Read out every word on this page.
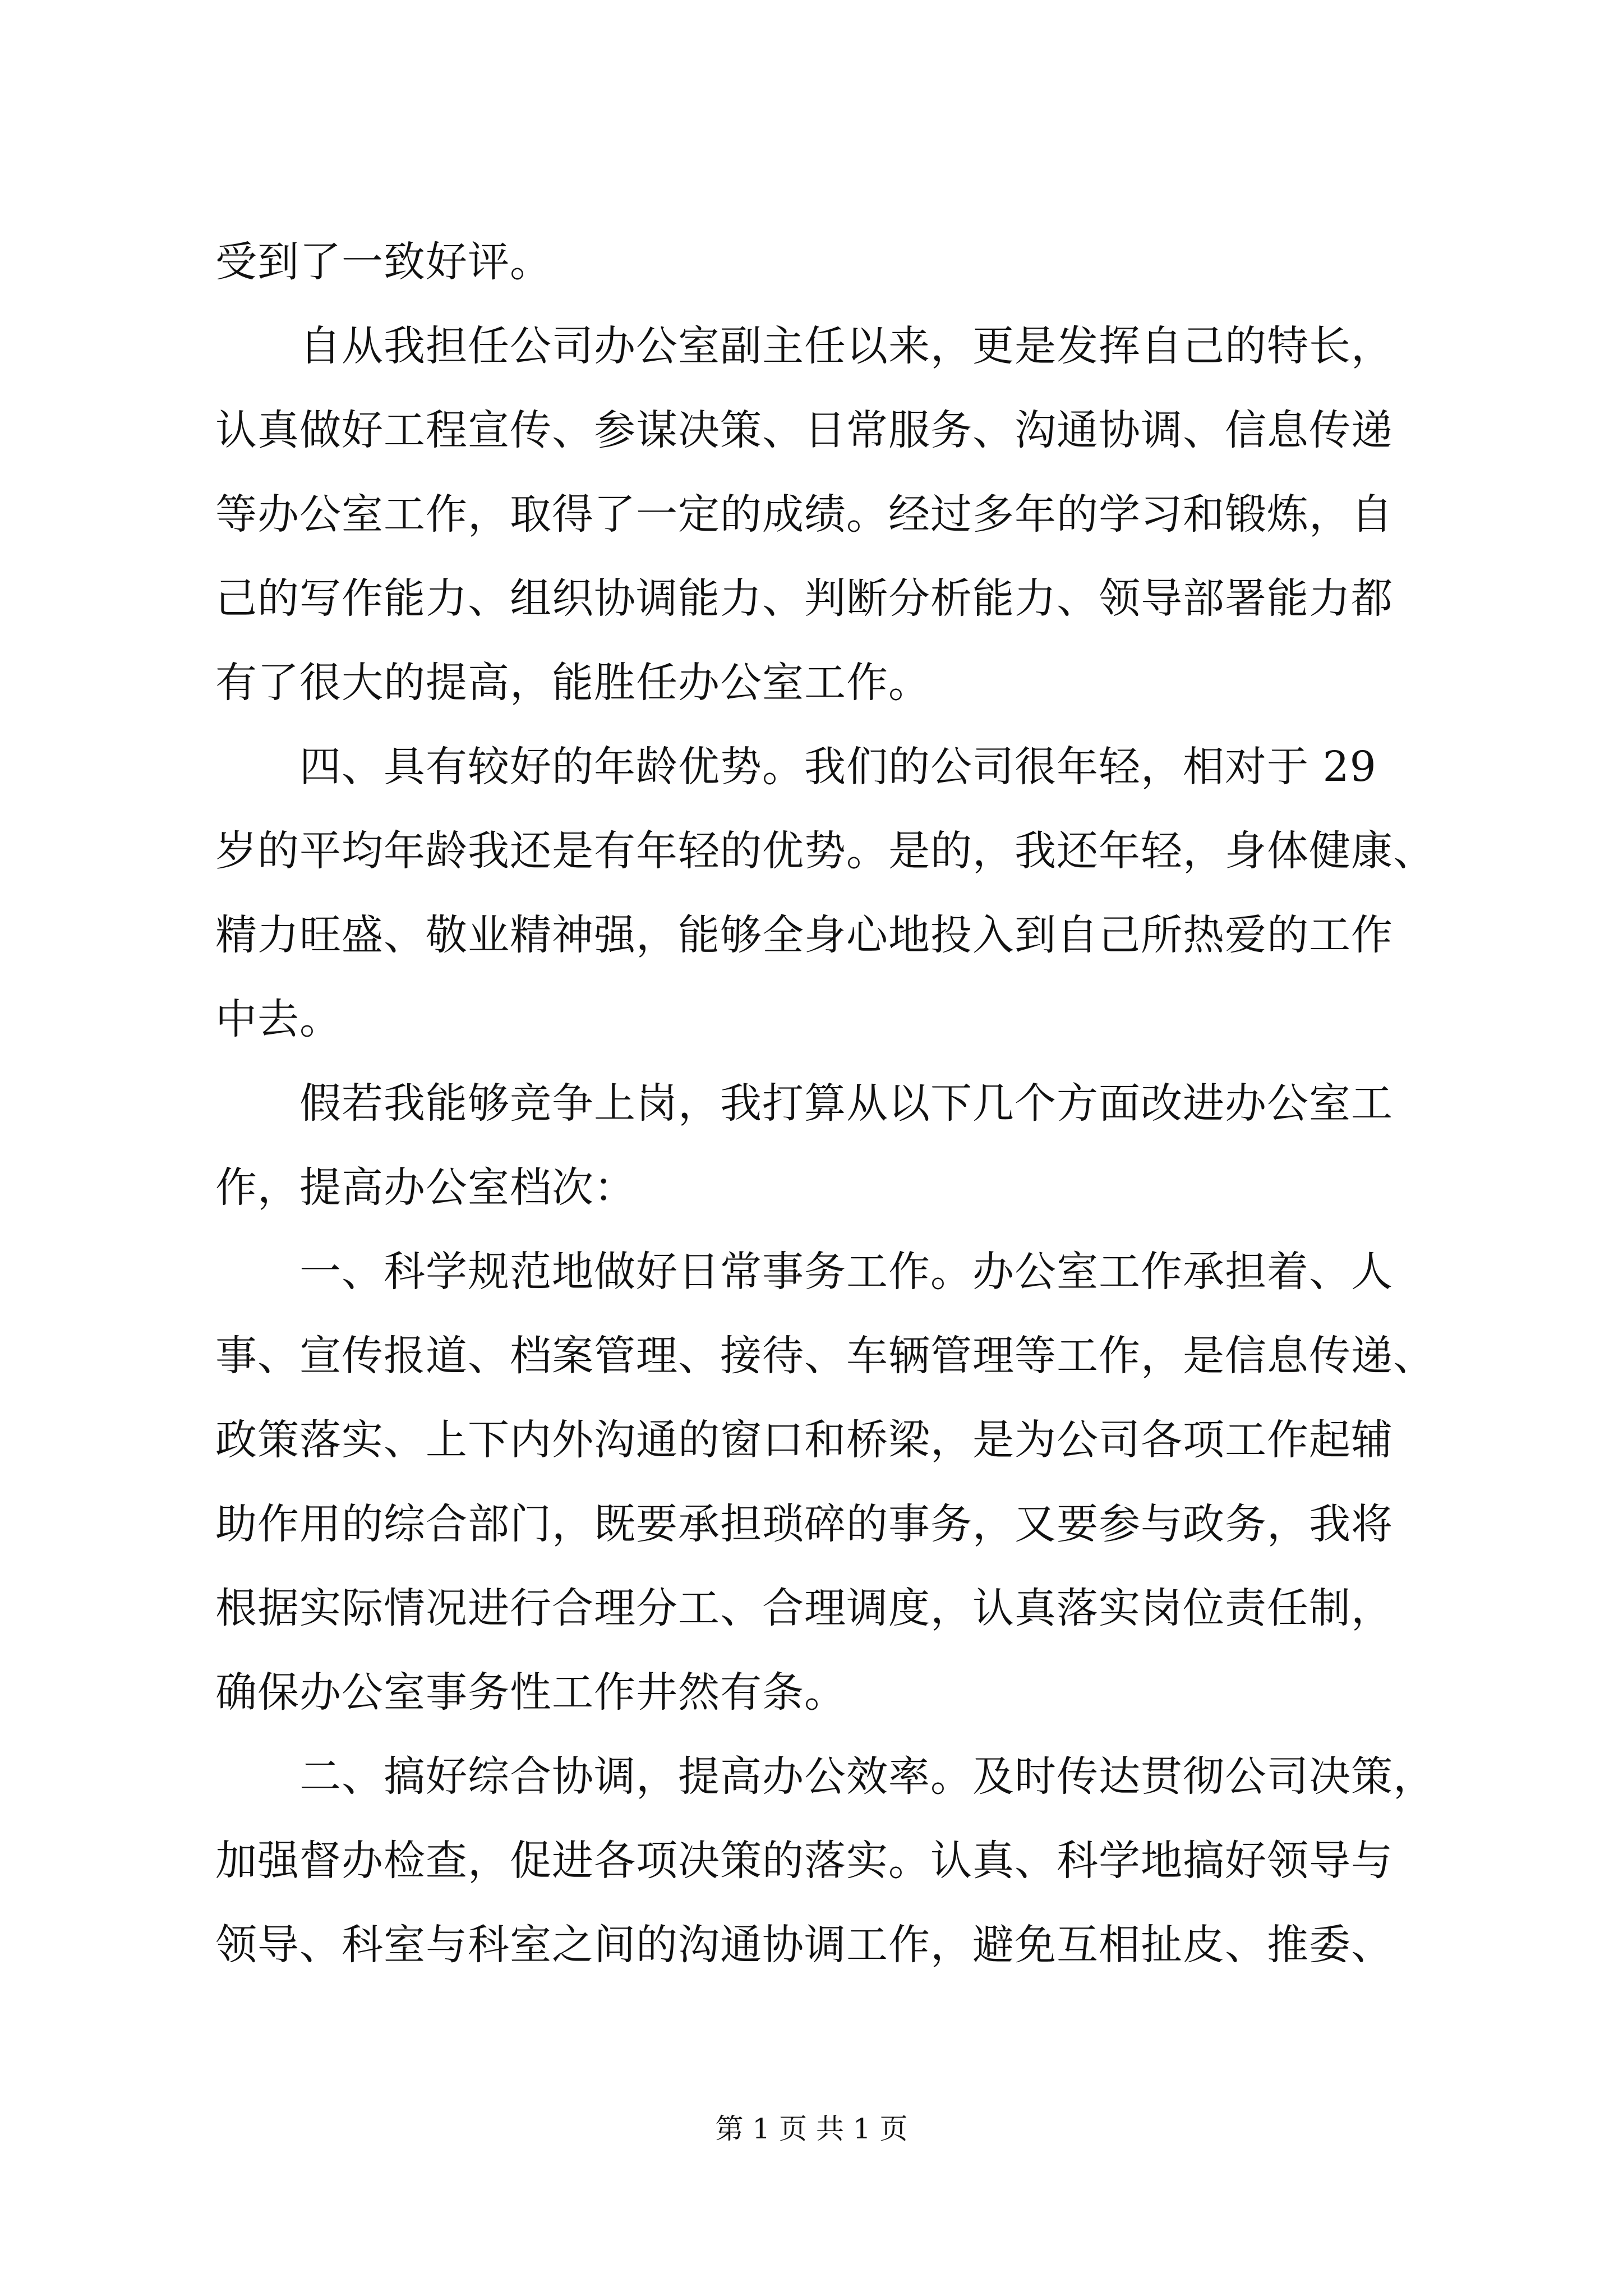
受到了一致好评。
自从我担任公司办公室副主任以来，更是发挥自己的特长，
认真做好工程宣传、参谋决策、日常服务、沟通协调、信息传递
等办公室工作，取得了一定的成绩。经过多年的学习和锻炼，自
己的写作能力、组织协调能力、判断分析能力、领导部署能力都
有了很大的提高，能胜任办公室工作。
四、具有较好的年龄优势。我们的公司很年轻，相对于 29
岁的平均年龄我还是有年轻的优势。是的，我还年轻，身体健康、
精力旺盛、敬业精神强，能够全身心地投入到自己所热爱的工作
中去。
假若我能够竞争上岗，我打算从以下几个方面改进办公室工
作，提高办公室档次：
一、科学规范地做好日常事务工作。办公室工作承担着、人
事、宣传报道、档案管理、接待、车辆管理等工作，是信息传递、
政策落实、上下内外沟通的窗口和桥梁，是为公司各项工作起辅
助作用的综合部门，既要承担琐碎的事务，又要参与政务，我将
根据实际情况进行合理分工、合理调度，认真落实岗位责任制，
确保办公室事务性工作井然有条。
二、搞好综合协调，提高办公效率。及时传达贯彻公司决策，
加强督办检查，促进各项决策的落实。认真、科学地搞好领导与
领导、科室与科室之间的沟通协调工作，避免互相扯皮、推委、
第 1 页 共 1 页
